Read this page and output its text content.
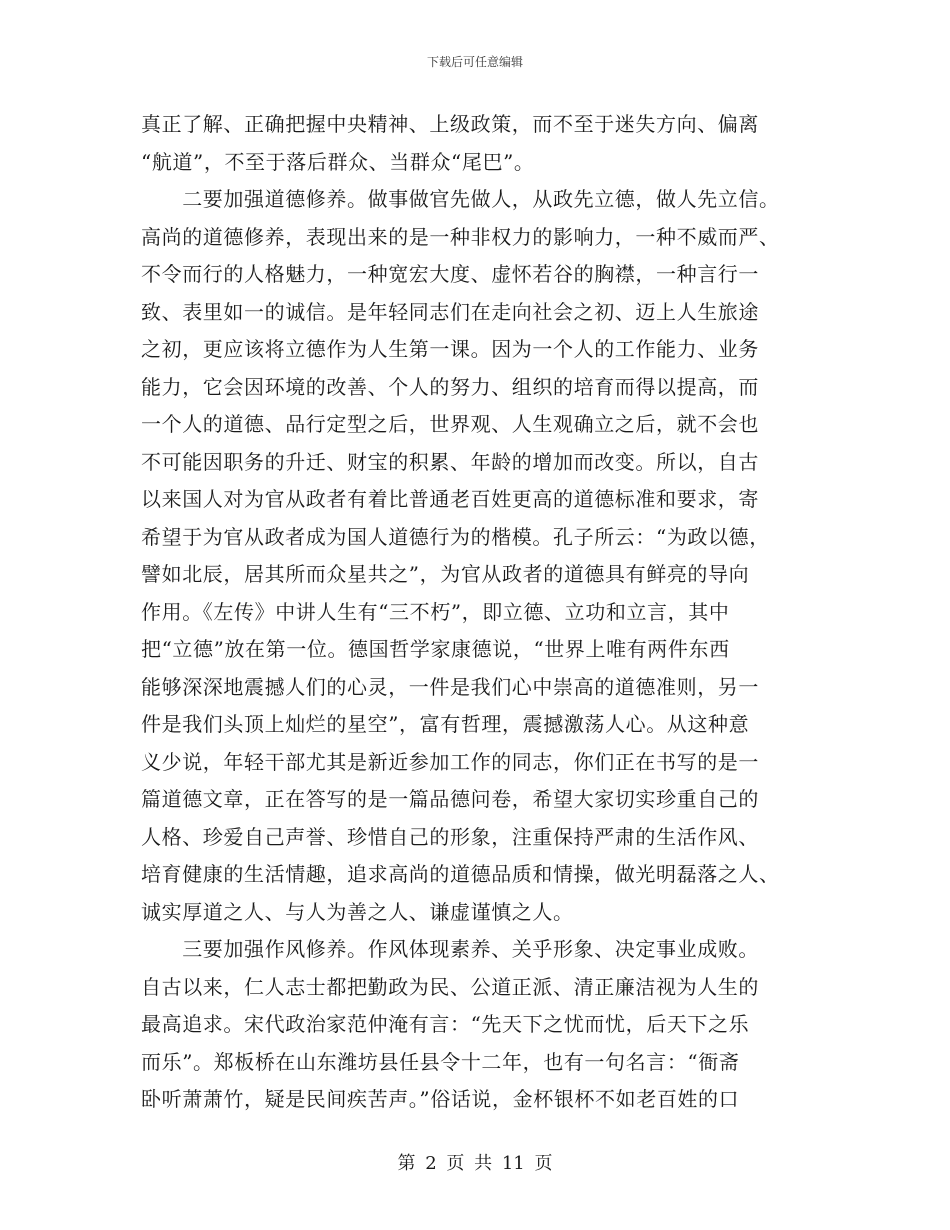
下载后可任意编辑
真正了解、正确把握中央精神、上级政策，而不至于迷失方向、偏离
“航道”，不至于落后群众、当群众“尾巴”。
　　二要加强道德修养。做事做官先做人，从政先立德，做人先立信。
高尚的道德修养，表现出来的是一种非权力的影响力，一种不威而严、
不令而行的人格魅力，一种宽宏大度、虚怀若谷的胸襟，一种言行一
致、表里如一的诚信。是年轻同志们在走向社会之初、迈上人生旅途
之初，更应该将立德作为人生第一课。因为一个人的工作能力、业务
能力，它会因环境的改善、个人的努力、组织的培育而得以提高，而
一个人的道德、品行定型之后，世界观、人生观确立之后，就不会也
不可能因职务的升迁、财宝的积累、年龄的增加而改变。所以，自古
以来国人对为官从政者有着比普通老百姓更高的道德标准和要求，寄
希望于为官从政者成为国人道德行为的楷模。孔子所云：“为政以德，
譬如北辰，居其所而众星共之”，为官从政者的道德具有鲜亮的导向
作用。《左传》中讲人生有“三不朽”，即立德、立功和立言，其中
把“立德”放在第一位。德国哲学家康德说，“世界上唯有两件东西
能够深深地震撼人们的心灵，一件是我们心中崇高的道德准则，另一
件是我们头顶上灿烂的星空”，富有哲理，震撼激荡人心。从这种意
义少说，年轻干部尤其是新近参加工作的同志，你们正在书写的是一
篇道德文章，正在答写的是一篇品德问卷，希望大家切实珍重自己的
人格、珍爱自己声誉、珍惜自己的形象，注重保持严肃的生活作风、
培育健康的生活情趣，追求高尚的道德品质和情操，做光明磊落之人、
诚实厚道之人、与人为善之人、谦虚谨慎之人。
　　三要加强作风修养。作风体现素养、关乎形象、决定事业成败。
自古以来，仁人志士都把勤政为民、公道正派、清正廉洁视为人生的
最高追求。宋代政治家范仲淹有言：“先天下之忧而忧，后天下之乐
而乐”。郑板桥在山东潍坊县任县令十二年，也有一句名言：“衙斋
卧听萧萧竹，疑是民间疾苦声。”俗话说，金杯银杯不如老百姓的口
第 2 页 共 11 页
